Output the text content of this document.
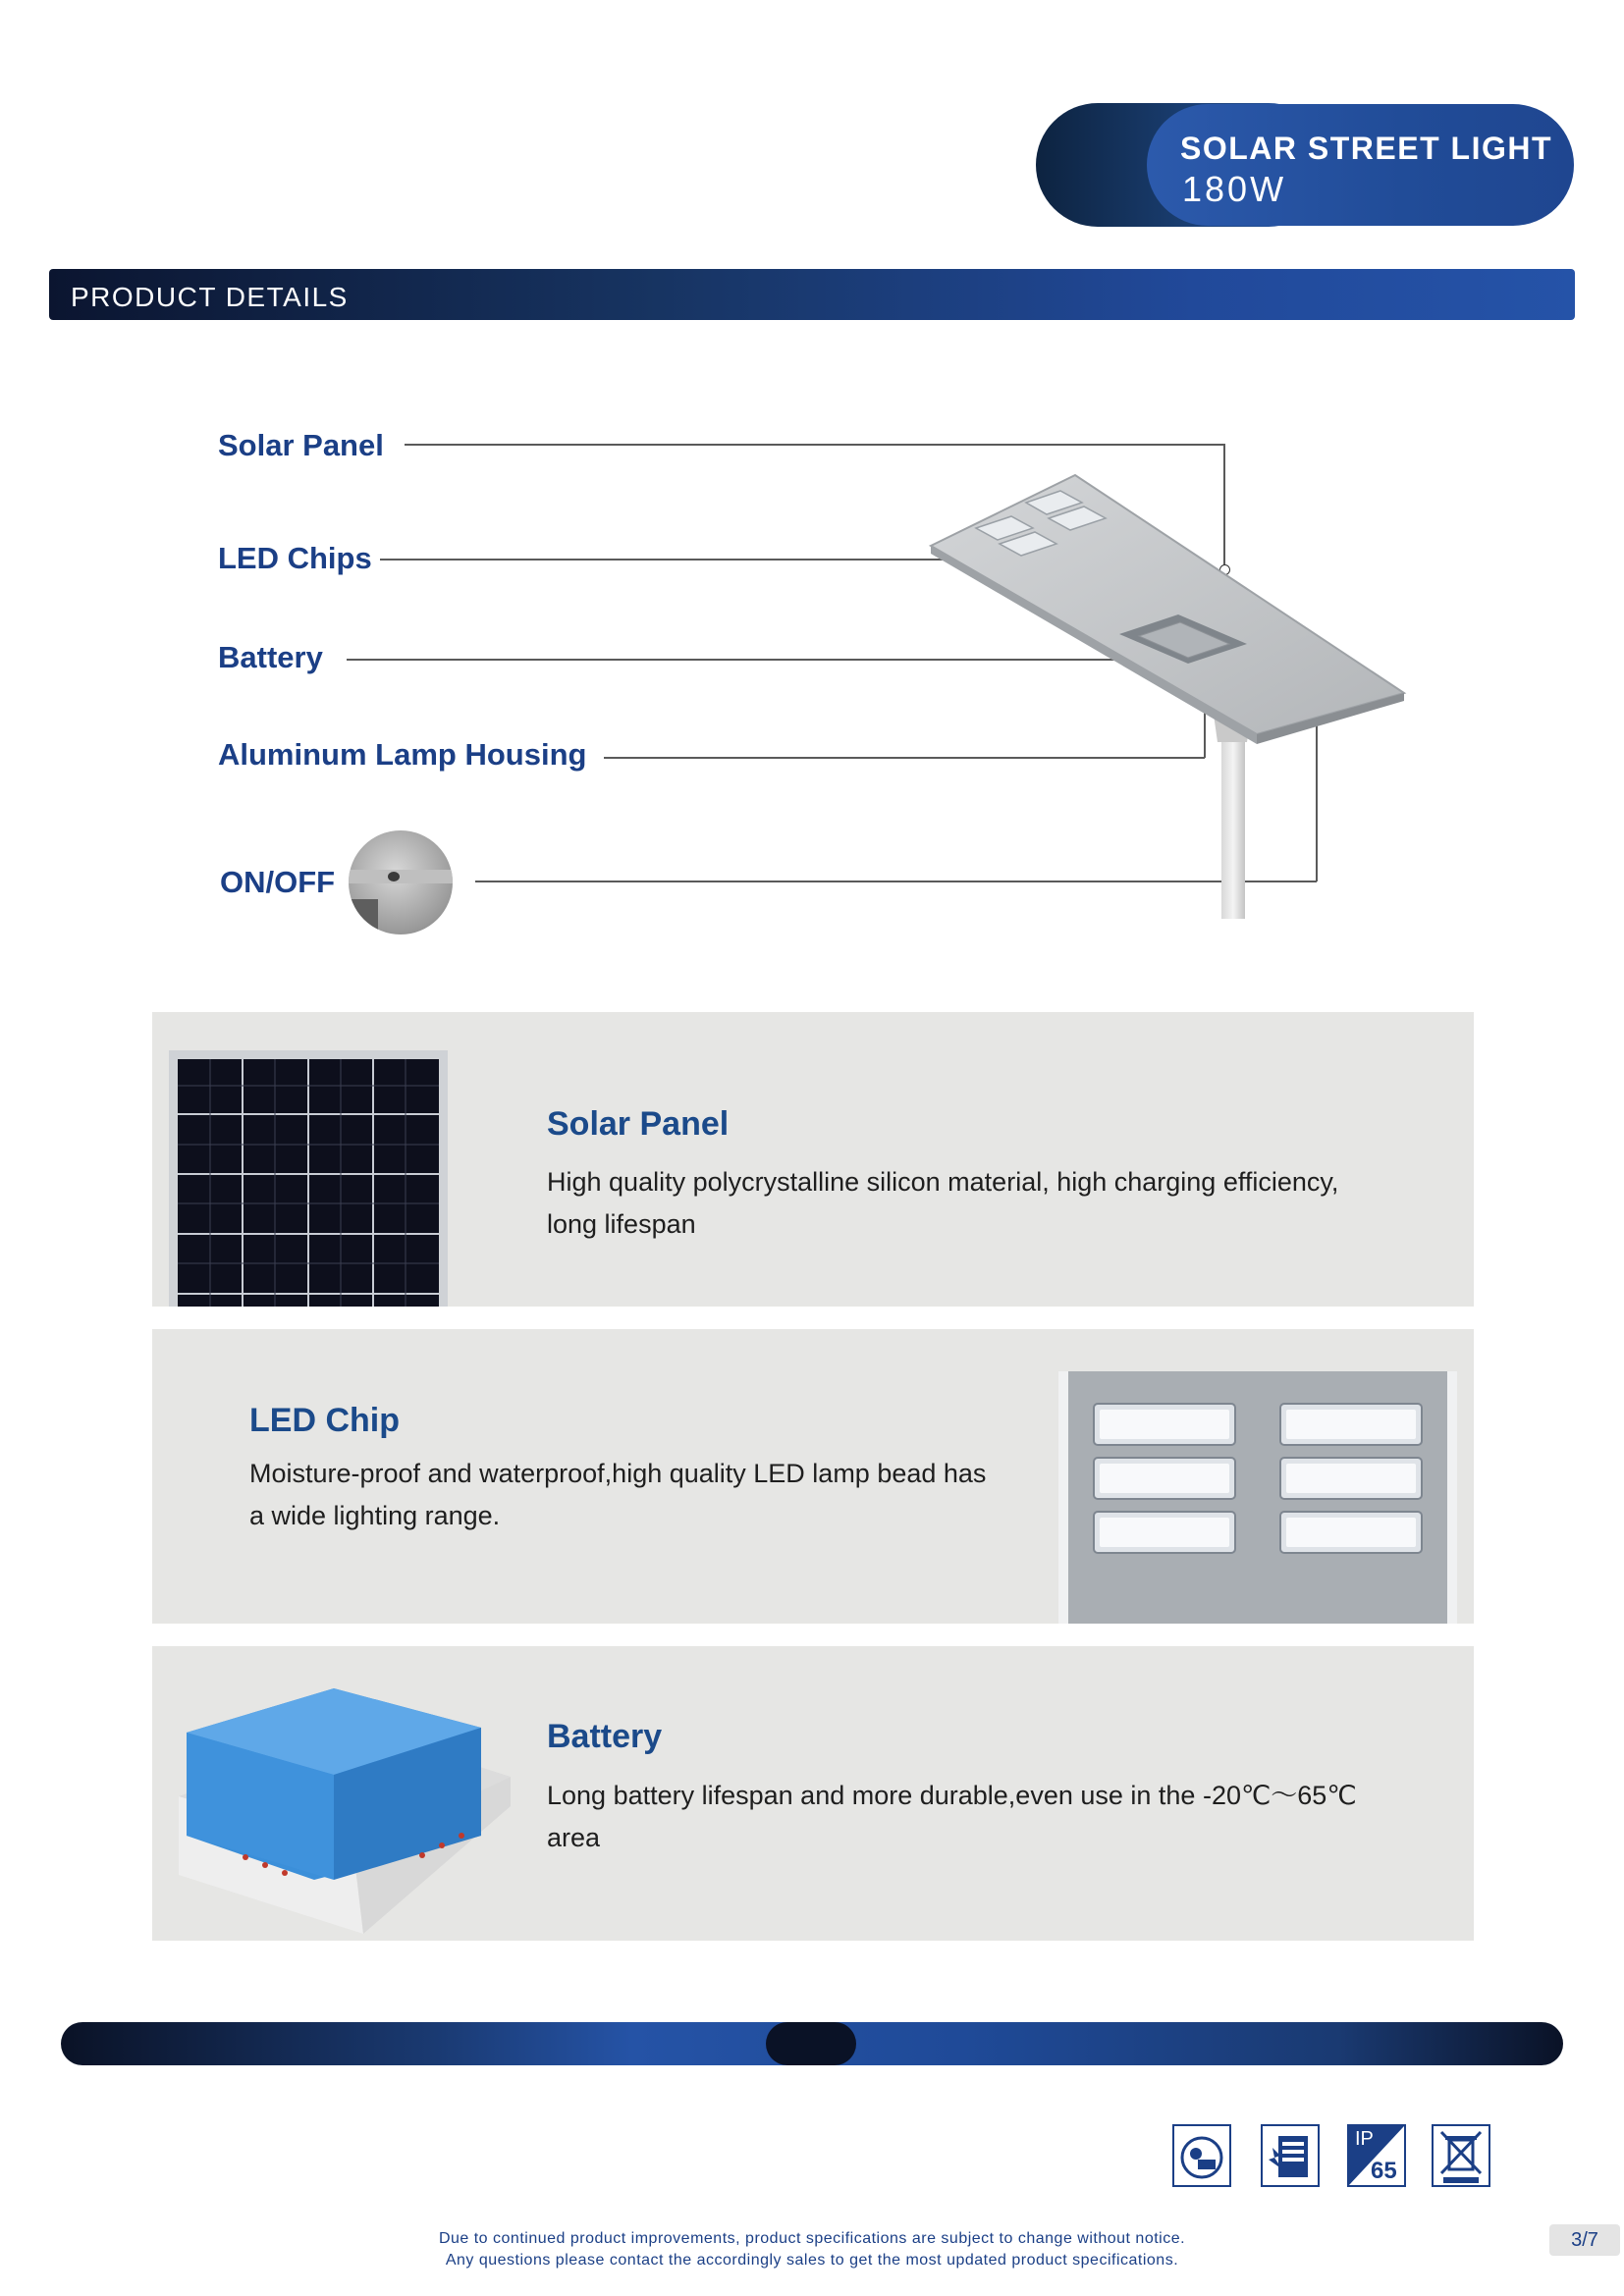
SOLAR STREET LIGHT
180W
PRODUCT DETAILS
Solar Panel
LED Chips
Battery
Aluminum Lamp Housing
ON/OFF
Solar Panel
High quality polycrystalline silicon material, high charging efficiency,
long lifespan
LED Chip
Moisture-proof and waterproof,high quality LED lamp bead has
a wide lighting range.
Battery
Long battery lifespan and more durable,even use in the -20℃～65℃
area
IP
65
Due to continued product improvements, product specifications are subject to change without notice.
Any questions please contact the accordingly sales to get the most updated product specifications.
3/7
